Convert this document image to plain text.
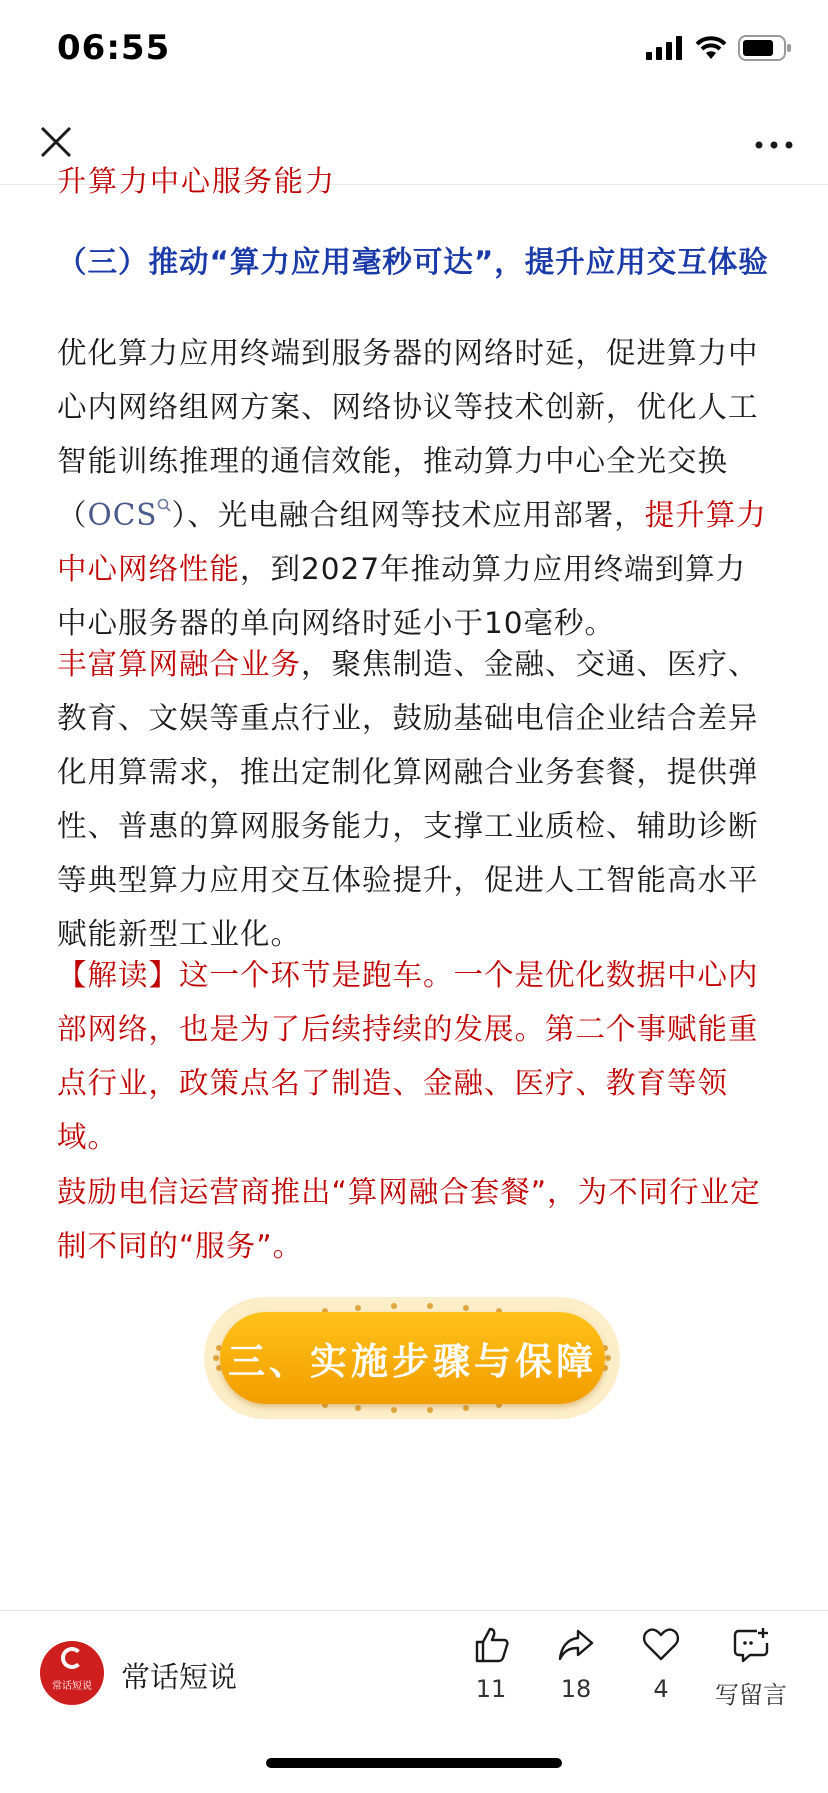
06:55
升算力中心服务能力
（三）推动“算力应用毫秒可达”，提升应用交互体验
优化算力应用终端到服务器的网络时延，促进算力中心内网络组网方案、网络协议等技术创新，优化人工智能训练推理的通信效能，推动算力中心全光交换（OCS ）、光电融合组网等技术应用部署，提升算力中心网络性能，到2027年推动算力应用终端到算力中心服务器的单向网络时延小于10毫秒。
丰富算网融合业务，聚焦制造、金融、交通、医疗、教育、文娱等重点行业，鼓励基础电信企业结合差异化用算需求，推出定制化算网融合业务套餐，提供弹性、普惠的算网服务能力，支撑工业质检、辅助诊断等典型算力应用交互体验提升，促进人工智能高水平赋能新型工业化。
【解读】这一个环节是跑车。一个是优化数据中心内部网络，也是为了后续持续的发展。第二个事赋能重点行业，政策点名了制造、金融、医疗、教育等领域。
鼓励电信运营商推出“算网融合套餐”，为不同行业定制不同的“服务”。
三、实施步骤与保障
常话短说	常话短说	11	18	4	写留言
